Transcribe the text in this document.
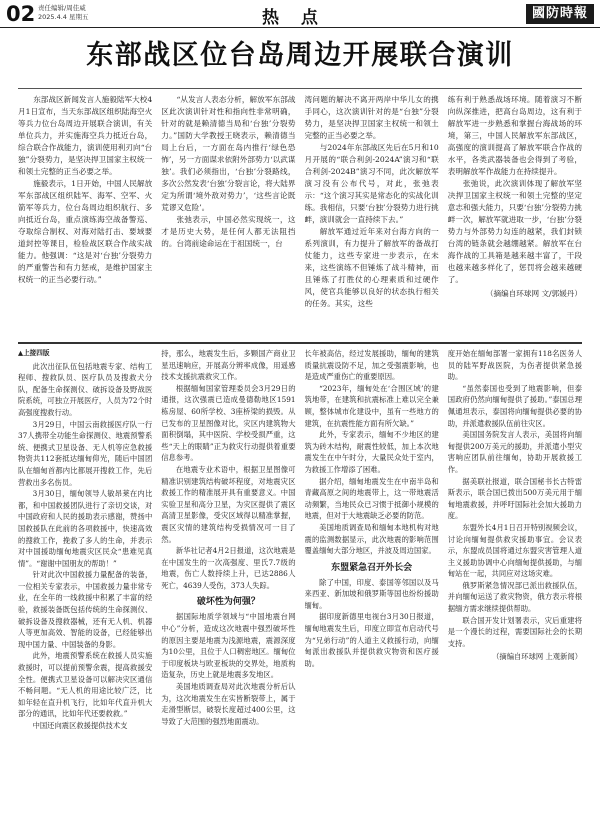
02 责任编辑/周佳威
2025.4.4 星期五	热 点	國防時報
东部战区位台岛周边开展联合演训

东部战区新闻发言人施毅陆军大校4月1日宣布，当天东部战区组织陆海空火等兵力位台岛周边开展联合演训，有关单位兵力，并实施海空兵力抵近台岛，综合联合作战能力，演训使用利刃向“台独”分裂势力，是坚决捍卫国家主权统一和领土完整的正当必要之举。

施毅表示，1日开始，中国人民解放军东部战区组织陆军、海军、空军、火箭军等兵力，位台岛周边组织航行、多向抵近台岛，重点演练海空战备警巡、夺取综合制权、对海对陆打击、要域要道封控等课目，检验战区联合作战实战能力。他强调：“这是对‘台独’分裂势力的严重警告和有力惩戒，是维护国家主权统一的正当必要行动。”

“从发言人表态分析，解放军东部战区此次演训针对性和指向性非常明确，针对的就是赖清德当局和‘台独’分裂势力。”国防大学教授王晓表示，赖清德当局上台后，一方面在岛内推行‘绿色恐怖’，另一方面谋求依附外部势力‘以武谋独’。我们必须指出，‘台独’分裂路线，多次公然发表‘台独’分裂言论，将大陆界定为所谓‘境外敌对势力’，‘这些言论既荒谬又危险’。

张弛表示，中国必然实现统一，这才是历史大势，是任何人都无法阻挡的。台湾前途命运在于祖国统一，台

湾问题的解决不离开两岸中华儿女的携手同心，这次演训针对的是“台独”分裂势力，是坚决捍卫国家主权统一和领土完整的正当必要之举。

与2024年东部战区先后在5月和10月开展的“联合利剑-2024A”演习和“联合利剑-2024B”演习不同，此次解放军演习没有公布代号，对此，张弛表示：“这个演习其实是常态化的实战化训练。我相信，只要‘台独’分裂势力进行挑衅，演训就会一直持续下去。”

解放军通过近年来对台海方向的一系列演训，有力提升了解放军的备战打仗能力，这些专家进一步表示，在未来，这些演练不但锤炼了战斗精神，而且锤炼了打胜仗的心理素质和过硬作风，使官兵能够以良好的状态执行相关的任务。其实，这些

练有利于熟悉战场环境。随着演习不断向纵深推进，把高台岛周边，这有利于解放军进一步熟悉和掌握台海战场的环境，第三，中国人民解放军东部战区，高强度的演训提高了解放军联合作战的水平，各类武器装备也会得到了考验，表明解放军作战能力在持续提升。

张弛说，此次演训体现了解放军坚决捍卫国家主权统一和领土完整的坚定意志和强大能力，只要‘台独’分裂势力挑衅一次，解放军就进取一步，‘台独’分裂势力与外部势力勾连的越紧，我们封锁台湾的链条就会越绷越紧。解放军在台海作战的工具箱是越来越丰富了，干段也越来越多样化了，惩罚将会越来越硬了。

（摘编自环球网 文/郭媛丹）
▲上接四版

此次出征队伍包括地震专家、结构工程师、搜救队员、医疗队员及搜救犬分队，配备生命探测仪、破拆设备及野战医院系统，可独立开展医疗，人员为72个时高强度搜救行动。

3月29日，中国云南救援医疗队一行37人携带全功能生命探测仪、地震预警系统、便携式卫星设备、无人机等应急救援物资共112套抵达缅甸仰光，随后中国团队在缅甸首都内比都展开搜救工作，先后营救出多名伤员。

3月30日，缅甸领导人敏昂莱在内比都，和中国救援团队进行了亲切交谈，对中国政府和人民的援助表示感谢，赞扬中国救援队在此前的各项救援中，快速高效的搜救工作，挽救了多人的生命，并表示对中国援助缅甸地震灾区民众“患难见真情”。“谢谢中国朋友的帮助！”

针对此次中国救援力量配备的装备，一位相关专家表示，中国救援力量非常专业，在全年的一线救援中积累了丰富的经验，救援装备既包括传统的生命探测仪、破拆设备及搜救器械，还有无人机、机器人等更加高效、智能的设备，已经能够出现中国力量、中国装备的身影。

此外，地震预警系统在救援人员实施救援时，可以提前预警余震，提高救援安全性。便携式卫星设备可以解决灾区通信不畅问题。“无人机的用途比较广泛，比如年轻在直升机飞行，比如年代直升机大部分的通讯，比如年代还要救救。”

中国还向震区救援提供技术支

持，那么，地震发生后，多颗国产商业卫星迅速响应，开展高分辨率成像，用遥感技术支援抗震救灾工作。

根据缅甸国家管理委员会3月29日的通报，这次强震已造成曼德勒地区1591栋房屋、60所学校、3座桥梁的损毁。从已发布的卫星图像对比，灾区内建筑物大面积倒塌，其中医院、学校受损严重，这些“天上的眼睛”正为救灾行动提供着重要信息参考。

在地震专业术语中，根据卫星图像可精准识别建筑结构破坏程度，对地震灾区救援工作的精准展开具有重要意义。中国实验卫星和高分卫星，为灾区提供了震区高清卫星影像，受灾区域得以精准掌握，震区灾情的建筑结构受损情况可一目了然。

新华社记者4月2日报道，这次地震是在中国发生的一次高强度、里氏7.7级的地震，伤亡人数持续上升，已达2886人死亡，4639人受伤，373人失踪。

破坏性为何强？

据国际地质学领域与“中国地震台网中心”分析，造成这次地震中强烈破坏性的原因主要是地震为浅源地震，震源深度为10公里，且位于人口稠密地区。缅甸位于印度板块与欧亚板块的交界处，地质构造复杂，历史上就是地震多发地区。

美国地质调查局对此次地震分析后认为，这次地震发生在实皆断裂带上，属于走滑型断层，破裂长度超过400公里，这导致了大范围的强烈地面震动。

长年被高估，经过发展援助，缅甸的建筑质量抗震设防不足，加之受强震影响，也是造成严重伤亡的重要原因。

“2023年，缅甸处在‘合围区域’的建筑地带，在建筑和抗震标准上难以完全兼顾，整体城市化建设中，虽有一些地方的建筑，在抗震性能方面有所欠缺。”

此外，专家表示，缅甸不少地区的建筑为砖木结构，耐震性较低，加上本次地震发生在中午时分，大量民众处于室内，为救援工作增添了困难。

据介绍，缅甸地震发生在中南半岛和青藏高原之间的地震带上，这一带地震活动频繁，当地民众已习惯于抵御小规模的地震，但对于大地震缺乏必要的防范。

美国地质调查局和缅甸本地机构对地震的监测数据显示，此次地震的影响范围覆盖缅甸大部分地区，并波及周边国家。

东盟紧急召开外长会

除了中国，印度、泰国等邻国以及马来西亚、新加坡和俄罗斯等国也纷纷援助缅甸。

据印度新德里电视台3月30日报道，缅甸地震发生后，印度立即宣布启动代号为“兄弟行动”的人道主义救援行动，向缅甸派出救援队并提供救灾物资和医疗援助。

度开始在缅甸部署一家拥有118名医务人员的陆军野战医院，为伤者提供紧急援助。

“虽然泰国也受到了地震影响，但泰国政府仍然向缅甸提供了援助。”泰国总理佩通坦表示，泰国将向缅甸提供必要的协助，并派遣救援队伍前往灾区。

美国国务院发言人表示，美国将向缅甸提供200万美元的援助，并派遣小型灾害响应团队前往缅甸，协助开展救援工作。

据美联社报道，联合国秘书长古特雷斯表示，联合国已拨出500万美元用于缅甸地震救援，并呼吁国际社会加大援助力度。

东盟外长4月1日召开特别视频会议，讨论向缅甸提供救灾援助事宜。会议表示，东盟成员国将通过东盟灾害管理人道主义援助协调中心向缅甸提供援助，与缅甸站在一起，共同应对这场灾难。

俄罗斯紧急情况部已派出救援队伍，并向缅甸运送了救灾物资，俄方表示将根据缅方需求继续提供帮助。

联合国开发计划署表示，灾后重建将是一个漫长的过程，需要国际社会的长期支持。

（摘编自环球网 上观新闻）
